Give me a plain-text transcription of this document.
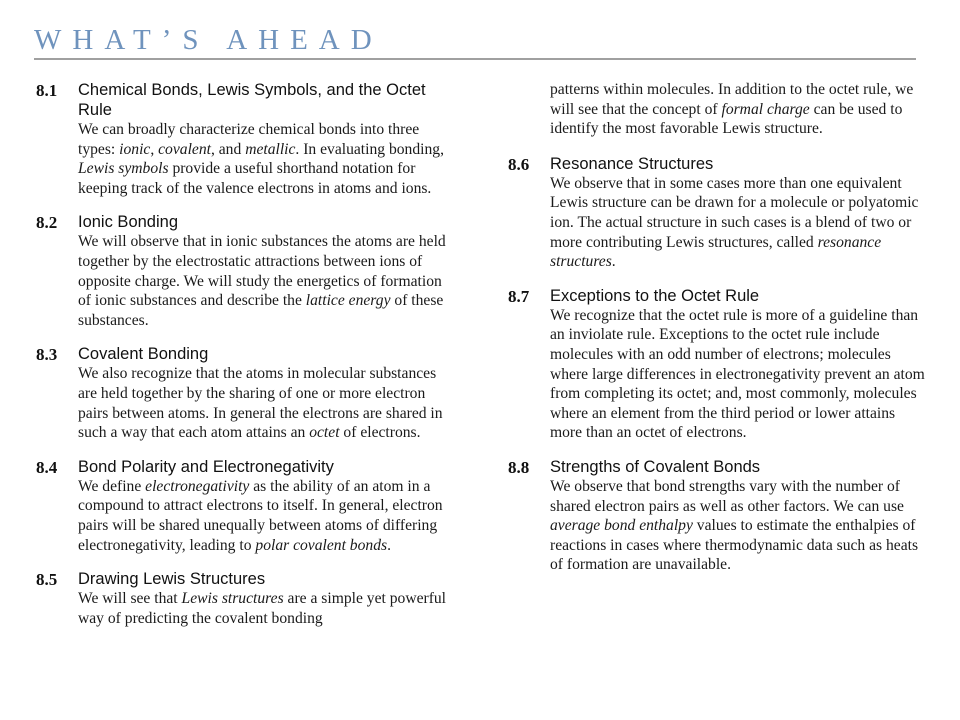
WHAT’S AHEAD
8.1 Chemical Bonds, Lewis Symbols, and the Octet Rule
We can broadly characterize chemical bonds into three types: ionic, covalent, and metallic. In evaluating bonding, Lewis symbols provide a useful shorthand notation for keeping track of the valence electrons in atoms and ions.
8.2 Ionic Bonding
We will observe that in ionic substances the atoms are held together by the electrostatic attractions between ions of opposite charge. We will study the energetics of formation of ionic substances and describe the lattice energy of these substances.
8.3 Covalent Bonding
We also recognize that the atoms in molecular substances are held together by the sharing of one or more electron pairs between atoms. In general the electrons are shared in such a way that each atom attains an octet of electrons.
8.4 Bond Polarity and Electronegativity
We define electronegativity as the ability of an atom in a compound to attract electrons to itself. In general, electron pairs will be shared unequally between atoms of differing electronegativity, leading to polar covalent bonds.
8.5 Drawing Lewis Structures
We will see that Lewis structures are a simple yet powerful way of predicting the covalent bonding
patterns within molecules. In addition to the octet rule, we will see that the concept of formal charge can be used to identify the most favorable Lewis structure.
8.6 Resonance Structures
We observe that in some cases more than one equivalent Lewis structure can be drawn for a molecule or polyatomic ion. The actual structure in such cases is a blend of two or more contributing Lewis structures, called resonance structures.
8.7 Exceptions to the Octet Rule
We recognize that the octet rule is more of a guideline than an inviolate rule. Exceptions to the octet rule include molecules with an odd number of electrons; molecules where large differences in electronegativity prevent an atom from completing its octet; and, most commonly, molecules where an element from the third period or lower attains more than an octet of electrons.
8.8 Strengths of Covalent Bonds
We observe that bond strengths vary with the number of shared electron pairs as well as other factors. We can use average bond enthalpy values to estimate the enthalpies of reactions in cases where thermodynamic data such as heats of formation are unavailable.
